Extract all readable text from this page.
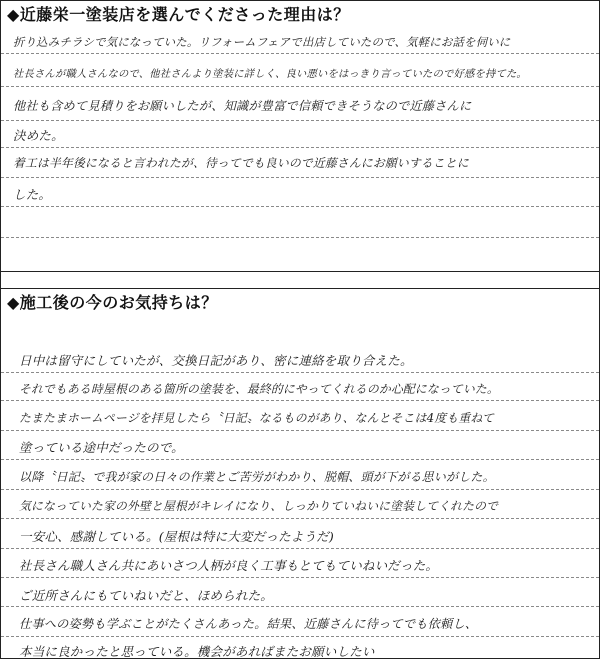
◆近藤栄一塗装店を選んでくださった理由は？
折り込みチラシで気になっていた。リフォームフェアで出店していたので、気軽にお話を伺いに
社長さんが職人さんなので、他社さんより塗装に詳しく、良い悪いをはっきり言っていたので好感を持てた。
他社も含めて見積りをお願いしたが、知識が豊富で信頼できそうなので近藤さんに
決めた。
着工は半年後になると言われたが、待ってでも良いので近藤さんにお願いすることに
した。
◆施工後の今のお気持ちは？
日中は留守にしていたが、交換日記があり、密に連絡を取り合えた。
それでもある時屋根のある箇所の塗装を、最終的にやってくれるのか心配になっていた。
たまたまホームページを拝見したら〝日記〟なるものがあり、なんとそこは4度も重ねて
塗っている途中だったので。
以降〝日記〟で我が家の日々の作業とご苦労がわかり、脱帽、頭が下がる思いがした。
気になっていた家の外壁と屋根がキレイになり、しっかりていねいに塗装してくれたので
一安心、感謝している。(屋根は特に大変だったようだ)
社長さん職人さん共にあいさつ人柄が良く工事もとてもていねいだった。
ご近所さんにもていねいだと、ほめられた。
仕事への姿勢も学ぶことがたくさんあった。結果、近藤さんに待ってでも依頼し、
本当に良かったと思っている。機会があればまたお願いしたい
